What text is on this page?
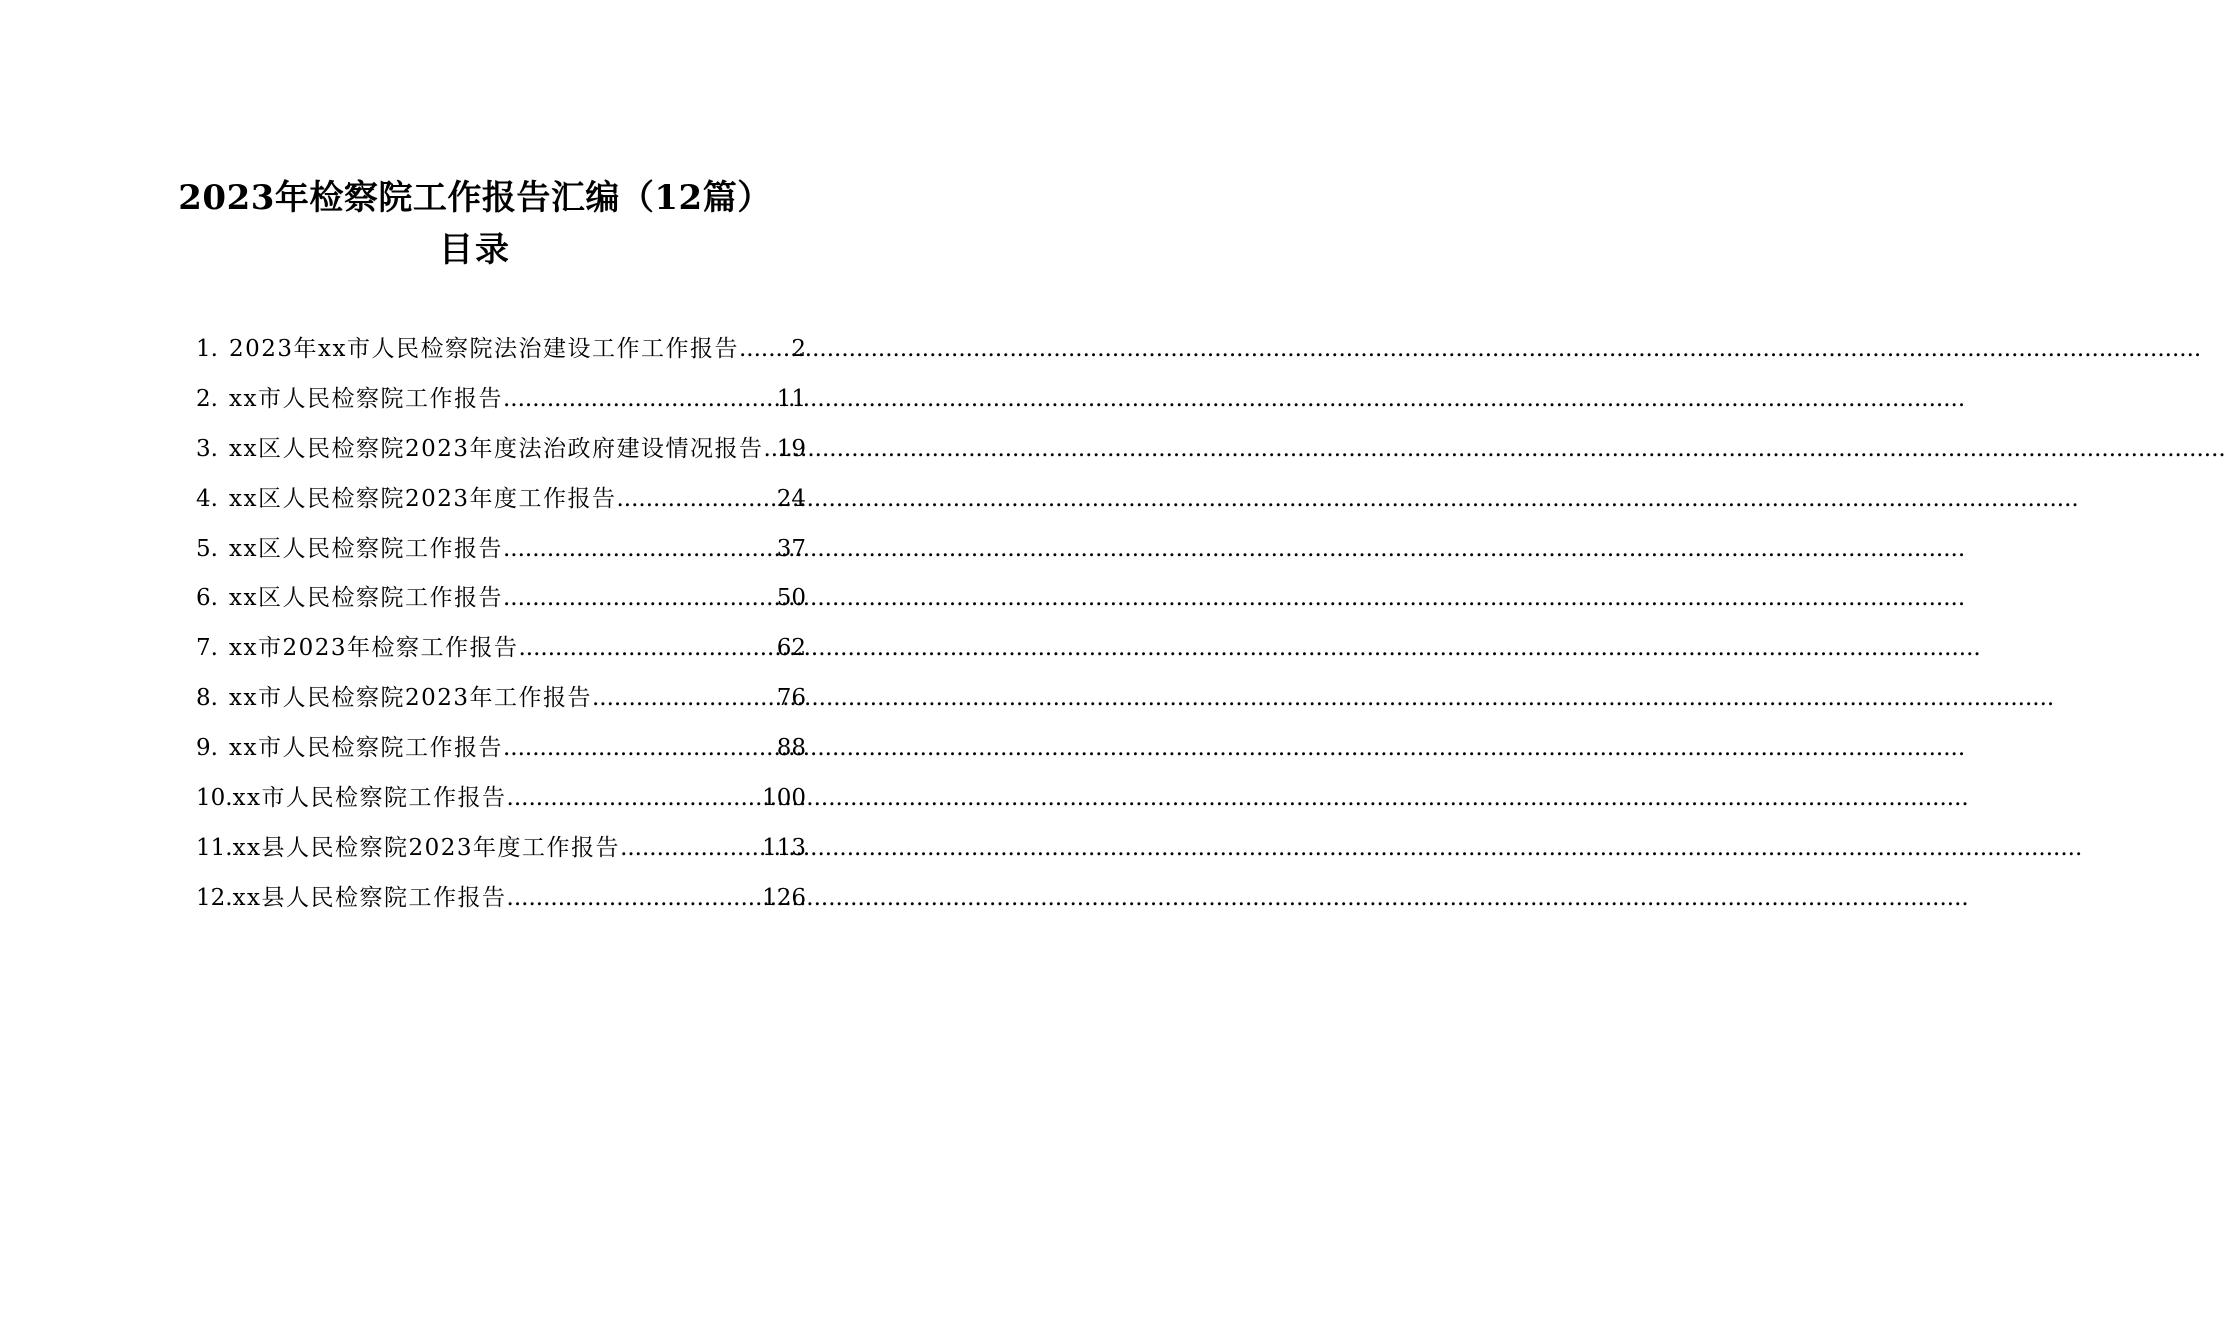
2023年检察院工作报告汇编（12篇）
目录
1. 2023年xx市人民检察院法治建设工作工作报告 ..... 2
2. xx市人民检察院工作报告 .....	11
3. xx区人民检察院2023年度法治政府建设情况报告 ..... 19
4. xx区人民检察院2023年度工作报告 .....	24
5. xx区人民检察院工作报告 .....	37
6. xx区人民检察院工作报告 .....	50
7. xx市2023年检察工作报告 .....	62
8. xx市人民检察院2023年工作报告 .....	76
9. xx市人民检察院工作报告 .....	88
10. xx市人民检察院工作报告 .....	100
11. xx县人民检察院2023年度工作报告 .....	113
12. xx县人民检察院工作报告 .....	126
